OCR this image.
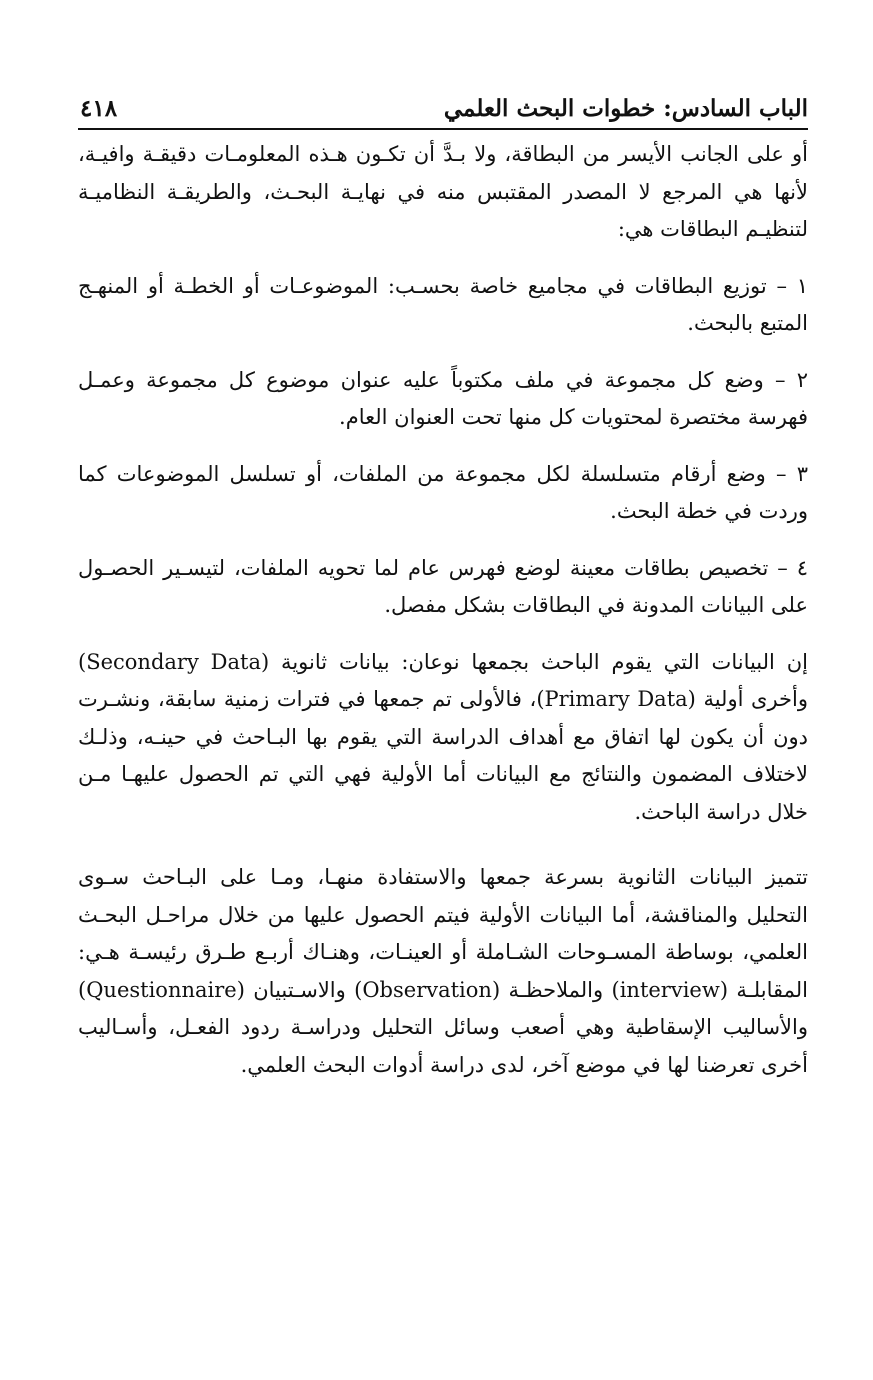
الباب السادس: خطوات البحث العلمي
٤١٨

أو على الجانب الأيسر من البطاقة، ولا بـدَّ أن تكـون هـذه المعلومـات دقيقـة وافيـة، لأنها هي المرجع لا المصدر المقتبس منه في نهايـة البحـث، والطريقـة النظاميـة لتنظيـم البطاقات هي:

١ – توزيع البطاقات في مجاميع خاصة بحسـب: الموضوعـات أو الخطـة أو المنهـج المتبع بالبحث.

٢ – وضع كل مجموعة في ملف مكتوباً عليه عنوان موضوع كل مجموعة وعمـل فهرسة مختصرة لمحتويات كل منها تحت العنوان العام.

٣ – وضع أرقام متسلسلة لكل مجموعة من الملفات، أو تسلسل الموضوعات كما وردت في خطة البحث.

٤ – تخصيص بطاقات معينة لوضع فهرس عام لما تحويه الملفات، لتيسـير الحصـول على البيانات المدونة في البطاقات بشكل مفصل.

إن البيانات التي يقوم الباحث بجمعها نوعان: بيانات ثانوية (Secondary Data) وأخرى أولية (Primary Data)، فالأولى تم جمعها في فترات زمنية سابقة، ونشـرت دون أن يكون لها اتفاق مع أهداف الدراسة التي يقوم بها البـاحث في حينـه، وذلـك لاختلاف المضمون والنتائج مع البيانات أما الأولية فهي التي تم الحصول عليهـا مـن خلال دراسة الباحث.

تتميز البيانات الثانوية بسرعة جمعها والاستفادة منهـا، ومـا على البـاحث سـوى التحليل والمناقشة، أما البيانات الأولية فيتم الحصول عليها من خلال مراحـل البحـث العلمي، بوساطة المسـوحات الشـاملة أو العينـات، وهنـاك أربـع طـرق رئيسـة هـي: المقابلـة (interview) والملاحظـة (Observation) والاسـتبيان (Questionnaire) والأساليب الإسقاطية وهي أصعب وسائل التحليل ودراسـة ردود الفعـل، وأسـاليب أخرى تعرضنا لها في موضع آخر، لدى دراسة أدوات البحث العلمي.
